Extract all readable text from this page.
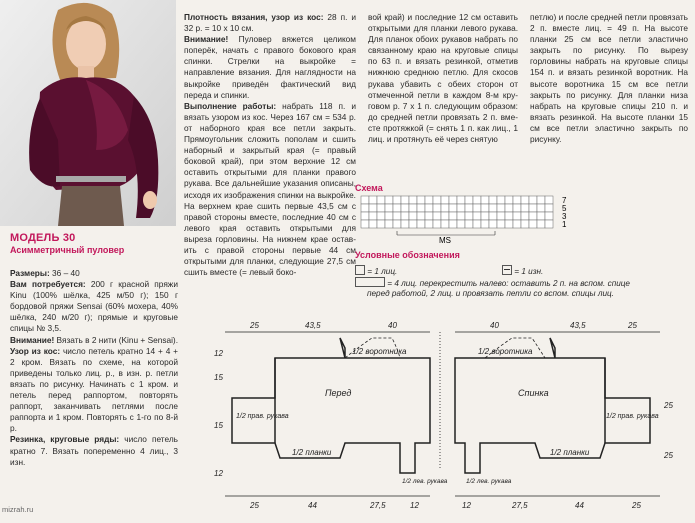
МОДЕЛЬ 30
Асимметричный пуловер

Размеры: 36 – 40

Вам потребуется: 200 г красной пряжи Kinu (100% шёлка, 425 м/50 г); 150 г бордовой пряжи Sensai (60% мохера, 40% шёлка, 240 м/20 г); прямые и круговые спицы № 3,5.

Внимание! Вязать в 2 нити (Kinu + Sensai).

Узор из кос: число петель кратно 14 + 4 + 2 кром. Вязать по схеме, на которой приведены только лиц. р., в изн. р. петли вязать по рисунку. Начинать с 1 кром. и петель перед раппортом, повторять раппорт, заканчивать петлями после раппорта и 1 кром. Повторять с 1-го по 8-й р.

Резинка, круговые ряды: число петель кратно 7. Вязать попеременно 4 лиц., 3 изн.

Плотность вязания, узор из кос: 28 п. и 32 р. = 10 х 10 см.

Внимание! Пуловер вяжется целиком поперёк, начать с правого бокового края спинки. Стрелки на выкройке = направление вязания. Для наглядности на выкройке приведён фактический вид переда и спинки.

Выполнение работы: набрать 118 п. и вязать узором из кос. Через 167 см = 534 р. от наборного края все петли закрыть. Прямоугольник сложить пополам и сшить наборный и закрытый края (= правый боковой край), при этом верхние 12 см оставить открытыми для планки правого рукава. Все дальнейшие указания описаны, исходя их изображения спинки на выкройке. На верхнем крае сшить первые 43,5 см с правой стороны вместе, последние 40 см с левого края оставить открытыми для выреза горловины. На нижнем крае оставить с правой стороны первые 44 см открытыми для планки, следующие 27,5 см сшить вместе (= левый боко-

вой край) и последние 12 см оставить открытыми для планки левого рукава. Для планок обоих рукавов набрать по связанному краю на круговые спицы по 63 п. и вязать резинкой, отметив нижнюю среднюю петлю. Для скосов рукава убавить с обеих сторон от отмеченной петли в каждом 8-м круговом р. 7 х 1 п. следующим образом: до средней петли провязать 2 п. вместе протяжкой (= снять 1 п. как лиц., 1 лиц. и протянуть её через снятую

петлю) и после средней петли провязать 2 п. вместе лиц. = 49 п. На высоте планки 25 см все петли эластично закрыть по рисунку. По вырезу горловины набрать на круговые спицы 154 п. и вязать резинкой воротник. На высоте воротника 15 см все петли закрыть по рисунку. Для планки низа набрать на круговые спицы 210 п. и вязать резинкой. На высоте планки 15 см все петли эластично закрыть по рисунку.

Схема
7
5
3
1
MS
Условные обозначения
= 1 лиц.	= 1 изн.
= 4 лиц. перекрестить налево: оставить 2 п. на вспом. спице
перед работой, 2 лиц. и провязать петли со вспом. спицы лиц.
25	43,5	40	40	43,5	25
25	44	27,5	12	12	27,5	44	25
12
15
15
12
25
25
Перед	Спинка
1/2 воротника	1/2 воротника
1/2 прав. рукава	1/2 прав. рукава
1/2 планки	1/2 планки
1/2 лев. рукава	1/2 лев. рукава
mizrah.ru
